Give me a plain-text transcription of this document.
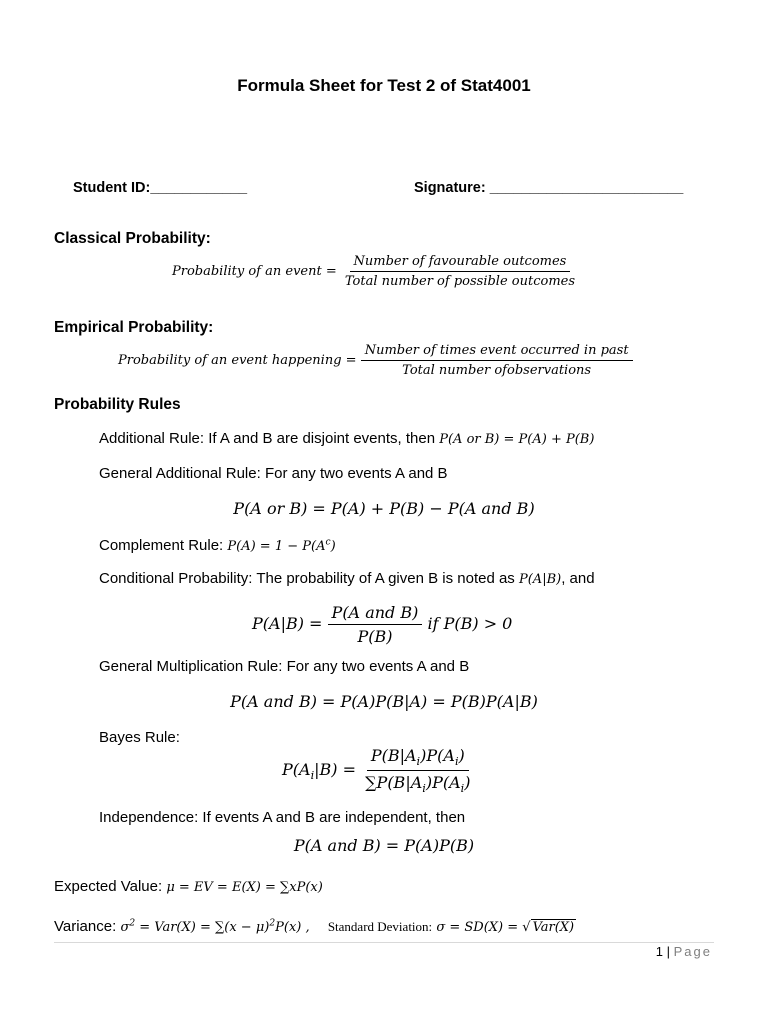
Formula Sheet for Test 2 of Stat4001
Student ID:____________	Signature: ________________________
Classical Probability:
Probability of an event = $\frac{\text{Number of favourable outcomes}}{\text{Total number of possible outcomes}}$
Empirical Probability:
Probability of an event happening = $\frac{\text{Number of times event occurred in past}}{\text{Total number ofobservations}}$
Probability Rules
Additional Rule: If A and B are disjoint events, then P(A or B) = P(A) + P(B)
General Additional Rule: For any two events A and B
P(A or B) = P(A) + P(B) − P(A and B)
Complement Rule: $P(A) = 1 - P(A^c)$
Conditional Probability: The probability of A given B is noted as P(A|B), and
$P(A|B) = \frac{\text{P(A and B)}}{P(B)}$ if P(B) > 0
General Multiplication Rule: For any two events A and B
P(A and B) = P(A)P(B|A) = P(B)P(A|B)
Bayes Rule:
$P(A_i|B) = \frac{P(B|A_i)P(A_i)}{\sum P(B|A_i)P(A_i)}$
Independence: If events A and B are independent, then
P(A and B) = P(A)P(B)
Expected Value: μ = EV = E(X) = ∑xP(x)
Variance: $\sigma^2 = Var(X) = \sum(x - \mu)^2P(x)$ , Standard Deviation: σ = SD(X) = √ Var(X)
1 | Page
